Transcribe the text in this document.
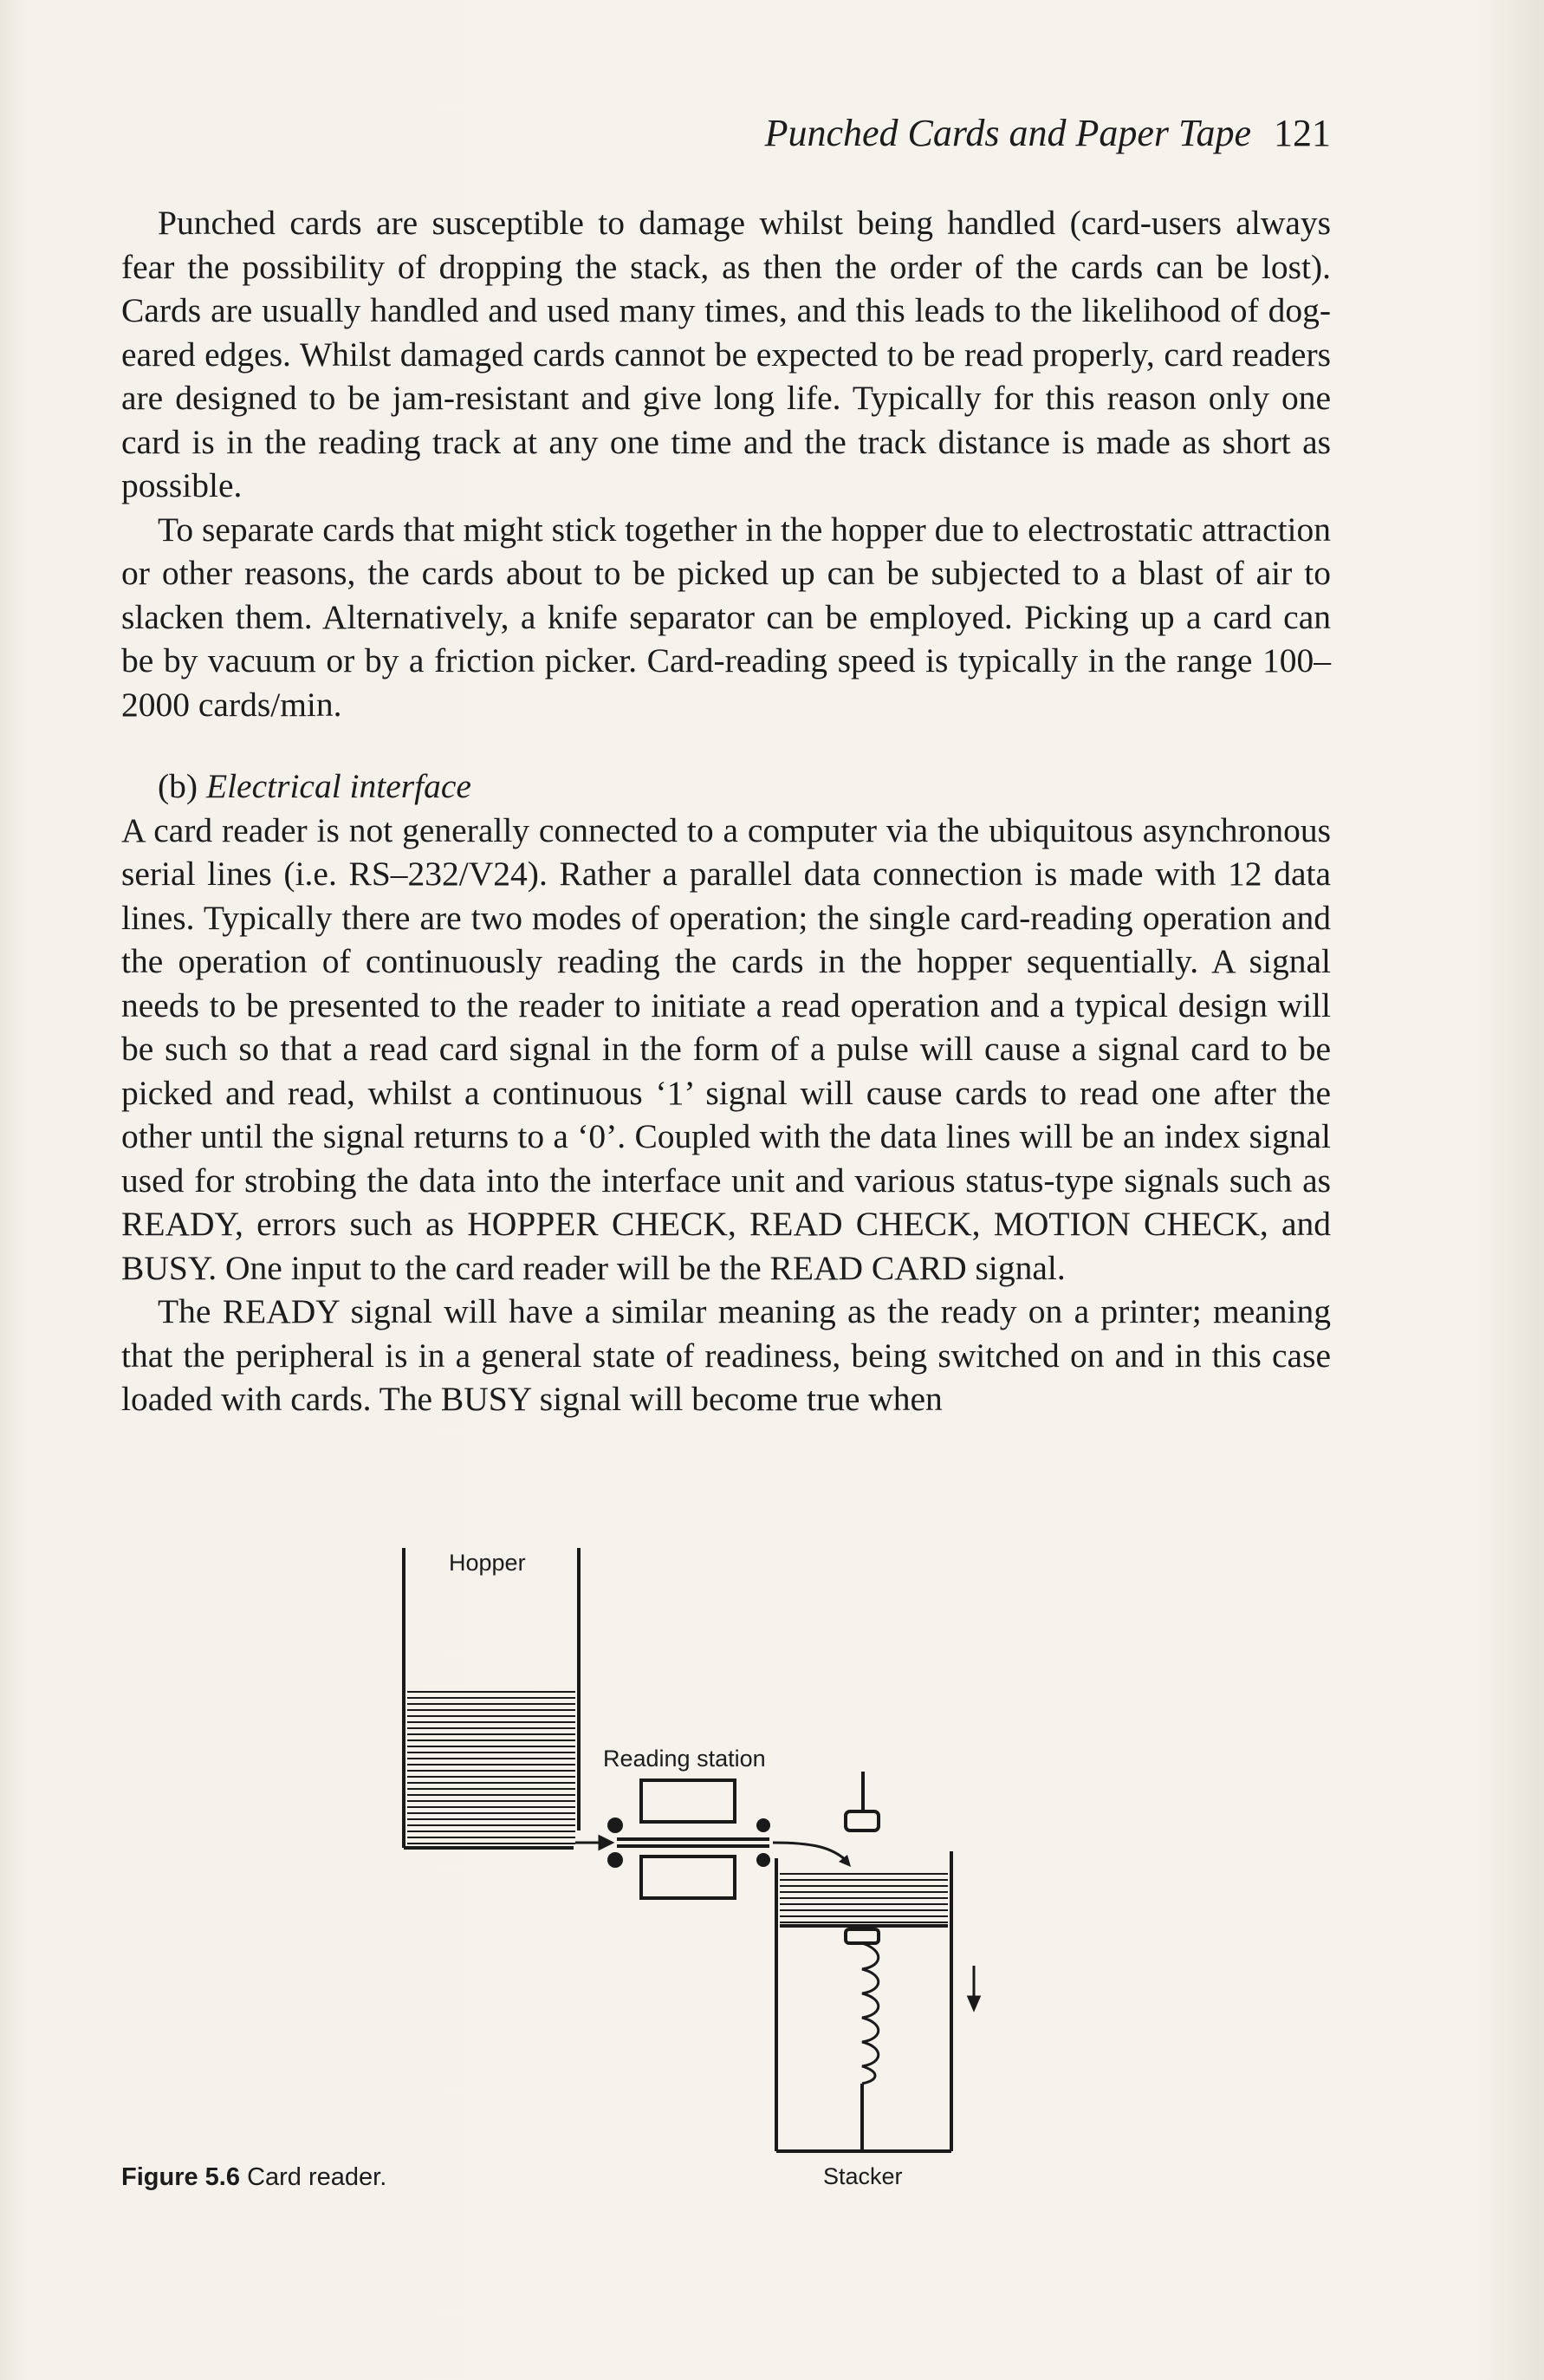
Punched Cards and Paper Tape 121

Punched cards are susceptible to damage whilst being handled (card-users always fear the possibility of dropping the stack, as then the order of the cards can be lost). Cards are usually handled and used many times, and this leads to the likelihood of dog-eared edges. Whilst damaged cards cannot be expected to be read properly, card readers are designed to be jam-resistant and give long life. Typically for this reason only one card is in the reading track at any one time and the track distance is made as short as possible.

To separate cards that might stick together in the hopper due to electrostatic attraction or other reasons, the cards about to be picked up can be subjected to a blast of air to slacken them. Alternatively, a knife separator can be employed. Picking up a card can be by vacuum or by a friction picker. Card-reading speed is typically in the range 100–2000 cards/min.

(b) Electrical interface

A card reader is not generally connected to a computer via the ubiquitous asynchronous serial lines (i.e. RS–232/V24). Rather a parallel data connection is made with 12 data lines. Typically there are two modes of operation; the single card-reading operation and the operation of continuously reading the cards in the hopper sequentially. A signal needs to be presented to the reader to initiate a read operation and a typical design will be such so that a read card signal in the form of a pulse will cause a signal card to be picked and read, whilst a continuous ‘1’ signal will cause cards to read one after the other until the signal returns to a ‘0’. Coupled with the data lines will be an index signal used for strobing the data into the interface unit and various status-type signals such as READY, errors such as HOPPER CHECK, READ CHECK, MOTION CHECK, and BUSY. One input to the card reader will be the READ CARD signal.

The READY signal will have a similar meaning as the ready on a printer; meaning that the peripheral is in a general state of readiness, being switched on and in this case loaded with cards. The BUSY signal will become true when

Hopper
Reading station
Stacker
Figure 5.6 Card reader.
